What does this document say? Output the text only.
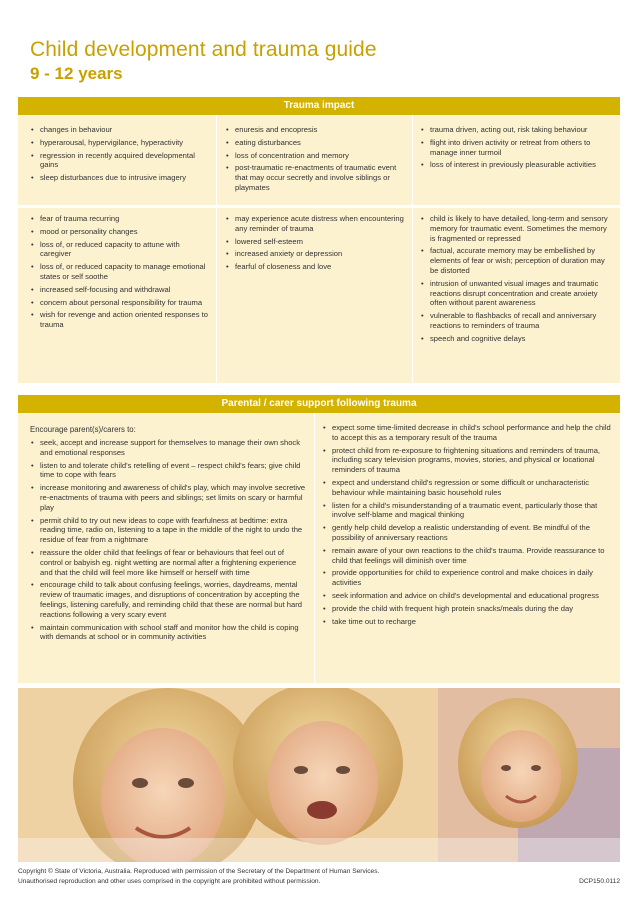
Child development and trauma guide
9 - 12 years
Trauma impact
• changes in behaviour
• hyperarousal, hypervigilance, hyperactivity
• regression in recently acquired developmental gains
• sleep disturbances due to intrusive imagery
• enuresis and encopresis
• eating disturbances
• loss of concentration and memory
• post-traumatic re-enactments of traumatic event that may occur secretly and involve siblings or playmates
• trauma driven, acting out, risk taking behaviour
• flight into driven activity or retreat from others to manage inner turmoil
• loss of interest in previously pleasurable activities
• fear of trauma recurring
• mood or personality changes
• loss of, or reduced capacity to attune with caregiver
• loss of, or reduced capacity to manage emotional states or self soothe
• increased self-focusing and withdrawal
• concern about personal responsibility for trauma
• wish for revenge and action oriented responses to trauma
• may experience acute distress when encountering any reminder of trauma
• lowered self-esteem
• increased anxiety or depression
• fearful of closeness and love
• child is likely to have detailed, long-term and sensory memory for traumatic event. Sometimes the memory is fragmented or repressed
• factual, accurate memory may be embellished by elements of fear or wish; perception of duration may be distorted
• intrusion of unwanted visual images and traumatic reactions disrupt concentration and create anxiety often without parent awareness
• vulnerable to flashbacks of recall and anniversary reactions to reminders of trauma
• speech and cognitive delays
Parental / carer support following trauma
Encourage parent(s)/carers to:
• seek, accept and increase support for themselves to manage their own shock and emotional responses
• listen to and tolerate child's retelling of event – respect child's fears; give child time to cope with fears
• increase monitoring and awareness of child's play, which may involve secretive re-enactments of trauma with peers and siblings; set limits on scary or harmful play
• permit child to try out new ideas to cope with fearfulness at bedtime: extra reading time, radio on, listening to a tape in the middle of the night to undo the residue of fear from a nightmare
• reassure the older child that feelings of fear or behaviours that feel out of control or babyish eg. night wetting are normal after a frightening experience and that the child will feel more like himself or herself with time
• encourage child to talk about confusing feelings, worries, daydreams, mental review of traumatic images, and disruptions of concentration by accepting the feelings, listening carefully, and reminding child that these are normal but hard reactions following a very scary event
• maintain communication with school staff and monitor how the child is coping with demands at school or in community activities
• expect some time-limited decrease in child's school performance and help the child to accept this as a temporary result of the trauma
• protect child from re-exposure to frightening situations and reminders of trauma, including scary television programs, movies, stories, and physical or locational reminders of trauma
• expect and understand child's regression or some difficult or uncharacteristic behaviour while maintaining basic household rules
• listen for a child's misunderstanding of a traumatic event, particularly those that involve self-blame and magical thinking
• gently help child develop a realistic understanding of event. Be mindful of the possibility of anniversary reactions
• remain aware of your own reactions to the child's trauma. Provide reassurance to child that feelings will diminish over time
• provide opportunities for child to experience control and make choices in daily activities
• seek information and advice on child's developmental and educational progress
• provide the child with frequent high protein snacks/meals during the day
• take time out to recharge
Copyright © State of Victoria, Australia. Reproduced with permission of the Secretary of the Department of Human Services.
Unauthorised reproduction and other uses comprised in the copyright are prohibited without permission.	DCP150.0112
